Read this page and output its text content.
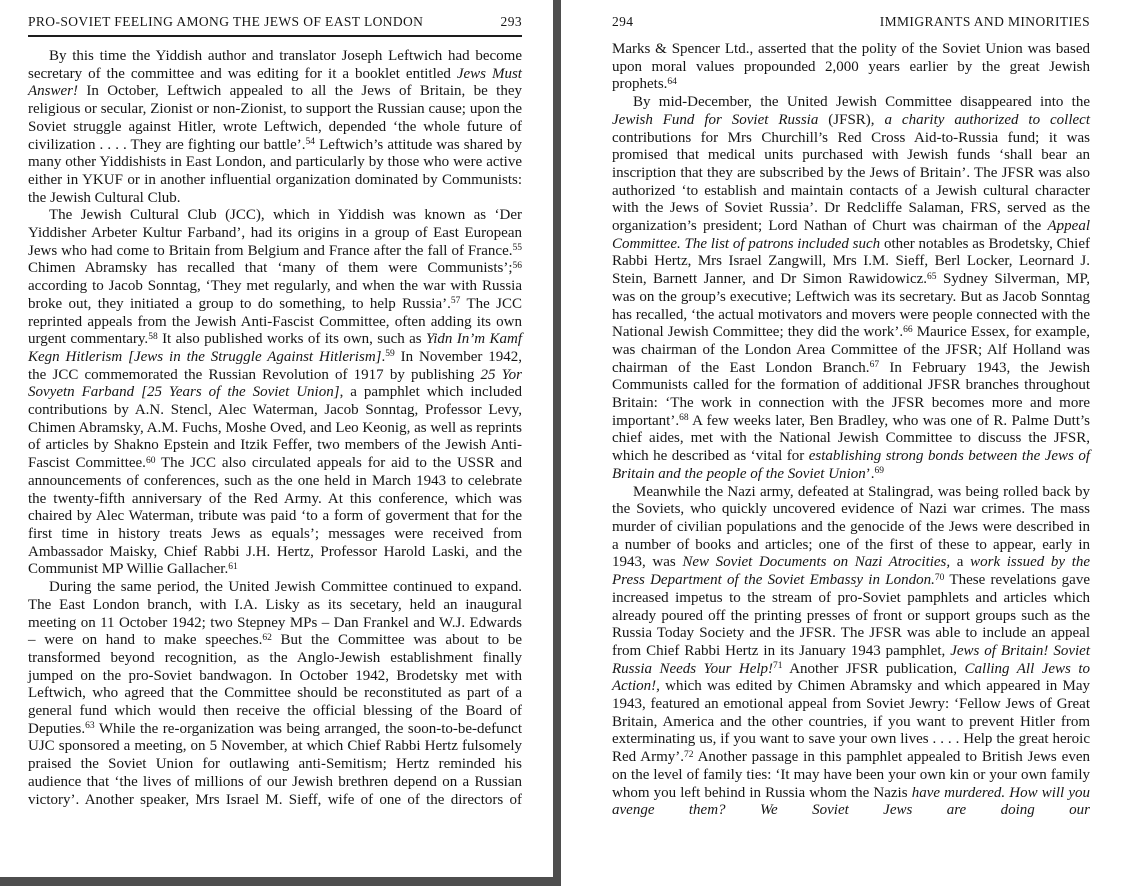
PRO-SOVIET FEELING AMONG THE JEWS OF EAST LONDON	293

By this time the Yiddish author and translator Joseph Leftwich had become secretary of the committee and was editing for it a booklet entitled Jews Must Answer! In October, Leftwich appealed to all the Jews of Britain, be they religious or secular, Zionist or non-Zionist, to support the Russian cause; upon the Soviet struggle against Hitler, wrote Leftwich, depended ‘the whole future of civilization . . . . They are fighting our battle’.$^{54}$ Leftwich’s attitude was shared by many other Yiddishists in East London, and particularly by those who were active either in YKUF or in another influential organization dominated by Communists: the Jewish Cultural Club.

The Jewish Cultural Club (JCC), which in Yiddish was known as ‘Der Yiddisher Arbeter Kultur Farband’, had its origins in a group of East European Jews who had come to Britain from Belgium and France after the fall of France.$^{55}$ Chimen Abramsky has recalled that ‘many of them were Communists’;$^{56}$ according to Jacob Sonntag, ‘They met regularly, and when the war with Russia broke out, they initiated a group to do something, to help Russia’.$^{57}$ The JCC reprinted appeals from the Jewish Anti-Fascist Committee, often adding its own urgent commentary.$^{58}$ It also published works of its own, such as Yidn In’m Kamf Kegn Hitlerism [Jews in the Struggle Against Hitlerism].$^{59}$ In November 1942, the JCC commemorated the Russian Revolution of 1917 by publishing 25 Yor Sovyetn Farband [25 Years of the Soviet Union], a pamphlet which included contributions by A.N. Stencl, Alec Waterman, Jacob Sonntag, Professor Levy, Chimen Abramsky, A.M. Fuchs, Moshe Oved, and Leo Keonig, as well as reprints of articles by Shakno Epstein and Itzik Feffer, two members of the Jewish Anti-Fascist Committee.$^{60}$ The JCC also circulated appeals for aid to the USSR and announcements of conferences, such as the one held in March 1943 to celebrate the twenty-fifth anniversary of the Red Army. At this conference, which was chaired by Alec Waterman, tribute was paid ‘to a form of goverment that for the first time in history treats Jews as equals’; messages were received from Ambassador Maisky, Chief Rabbi J.H. Hertz, Professor Harold Laski, and the Communist MP Willie Gallacher.$^{61}$

During the same period, the United Jewish Committee continued to expand. The East London branch, with I.A. Lisky as its secetary, held an inaugural meeting on 11 October 1942; two Stepney MPs – Dan Frankel and W.J. Edwards – were on hand to make speeches.$^{62}$ But the Committee was about to be transformed beyond recognition, as the Anglo-Jewish establishment finally jumped on the pro-Soviet bandwagon. In October 1942, Brodetsky met with Leftwich, who agreed that the Committee should be reconstituted as part of a general fund which would then receive the official blessing of the Board of Deputies.$^{63}$ While the re-organization was being arranged, the soon-to-be-defunct UJC sponsored a meeting, on 5 November, at which Chief Rabbi Hertz fulsomely praised the Soviet Union for outlawing anti-Semitism; Hertz reminded his audience that ‘the lives of millions of our Jewish brethren depend on a Russian victory’. Another speaker, Mrs Israel M. Sieff, wife of one of the directors of

294	IMMIGRANTS AND MINORITIES

Marks & Spencer Ltd., asserted that the polity of the Soviet Union was based upon moral values propounded 2,000 years earlier by the great Jewish prophets.$^{64}$

By mid-December, the United Jewish Committee disappeared into the Jewish Fund for Soviet Russia (JFSR), a charity authorized to collect contributions for Mrs Churchill’s Red Cross Aid-to-Russia fund; it was promised that medical units purchased with Jewish funds ‘shall bear an inscription that they are subscribed by the Jews of Britain’. The JFSR was also authorized ‘to establish and maintain contacts of a Jewish cultural character with the Jews of Soviet Russia’. Dr Redcliffe Salaman, FRS, served as the organization’s president; Lord Nathan of Churt was chairman of the Appeal Committee. The list of patrons included such other notables as Brodetsky, Chief Rabbi Hertz, Mrs Israel Zangwill, Mrs I.M. Sieff, Berl Locker, Leornard J. Stein, Barnett Janner, and Dr Simon Rawidowicz.$^{65}$ Sydney Silverman, MP, was on the group’s executive; Leftwich was its secretary. But as Jacob Sonntag has recalled, ‘the actual motivators and movers were people connected with the National Jewish Committee; they did the work’.$^{66}$ Maurice Essex, for example, was chairman of the London Area Committee of the JFSR; Alf Holland was chairman of the East London Branch.$^{67}$ In February 1943, the Jewish Communists called for the formation of additional JFSR branches throughout Britain: ‘The work in connection with the JFSR becomes more and more important’.$^{68}$ A few weeks later, Ben Bradley, who was one of R. Palme Dutt’s chief aides, met with the National Jewish Committee to discuss the JFSR, which he described as ‘vital for establishing strong bonds between the Jews of Britain and the people of the Soviet Union’.$^{69}$

Meanwhile the Nazi army, defeated at Stalingrad, was being rolled back by the Soviets, who quickly uncovered evidence of Nazi war crimes. The mass murder of civilian populations and the genocide of the Jews were described in a number of books and articles; one of the first of these to appear, early in 1943, was New Soviet Documents on Nazi Atrocities, a work issued by the Press Department of the Soviet Embassy in London.$^{70}$ These revelations gave increased impetus to the stream of pro-Soviet pamphlets and articles which already poured off the printing presses of front or support groups such as the Russia Today Society and the JFSR. The JFSR was able to include an appeal from Chief Rabbi Hertz in its January 1943 pamphlet, Jews of Britain! Soviet Russia Needs Your Help!$^{71}$ Another JFSR publication, Calling All Jews to Action!, which was edited by Chimen Abramsky and which appeared in May 1943, featured an emotional appeal from Soviet Jewry: ‘Fellow Jews of Great Britain, America and the other countries, if you want to prevent Hitler from exterminating us, if you want to save your own lives . . . . Help the great heroic Red Army’.$^{72}$ Another passage in this pamphlet appealed to British Jews even on the level of family ties: ‘It may have been your own kin or your own family whom you left behind in Russia whom the Nazis have murdered. How will you avenge them? We Soviet Jews are doing our
